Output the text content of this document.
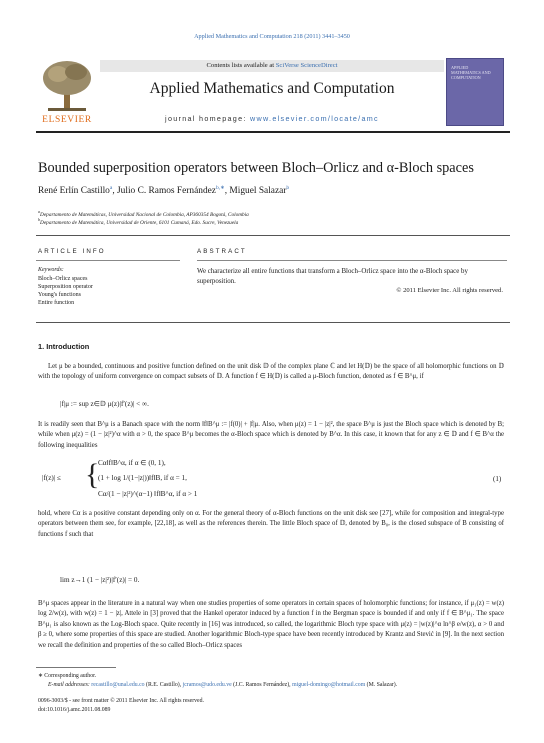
Applied Mathematics and Computation 218 (2011) 3441–3450
ELSEVIER
Contents lists available at SciVerse ScienceDirect
Applied Mathematics and Computation
journal homepage: www.elsevier.com/locate/amc
APPLIED MATHEMATICS AND COMPUTATION
Bounded superposition operators between Bloch–Orlicz and α-Bloch spaces
René Erlín Castillo$^a$, Julio C. Ramos Fernández$^{b,∗}$, Miguel Salazar$^b$
$^a$Departamento de Matemáticas, Universidad Nacional de Colombia, AP360354 Bogotá, Colombia
$^b$Departamento de Matemática, Universidad de Oriente, 6101 Cumaná, Edo. Sucre, Venezuela
ARTICLE INFO
Keywords:
Bloch–Orlicz spaces
Superposition operator
Young's functions
Entire function
ABSTRACT
We characterize all entire functions that transform a Bloch–Orlicz space into the α-Bloch space by superposition.
© 2011 Elsevier Inc. All rights reserved.
1. Introduction
Let μ be a bounded, continuous and positive function defined on the unit disk 𝔻 of the complex plane ℂ and let H(𝔻) be the space of all holomorphic functions on 𝔻 with the topology of uniform convergence on compact subsets of 𝔻. A function f ∈ H(𝔻) is called a μ-Bloch function, denoted as f ∈ B^μ, if
|f|μ := sup z∈𝔻 μ(z)|f′(z)| < ∞.
It is readily seen that B^μ is a Banach space with the norm ‖f‖B^μ := |f(0)| + |f|μ. Also, when μ(z) = 1 − |z|², the space B^μ is just the Bloch space which is denoted by B; while when μ(z) = (1 − |z|²)^α with α > 0, the space B^μ becomes the α-Bloch space which is denoted by B^α. In this case, it known that for any z ∈ 𝔻 and f ∈ B^α the following inequalities
|f(z)| ≤ {
Cα‖f‖B^α, if α ∈ (0, 1),
(1 + log 1/(1−|z|))‖f‖B, if α = 1,
Cα/(1 − |z|²)^(α−1) ‖f‖B^α, if α > 1
(1)
hold, where Cα is a positive constant depending only on α. For the general theory of α-Bloch functions on the unit disk see [27], while for composition and integral-type operators between them see, for example, [22,18], as well as the references therein. The little Bloch space of 𝔻, denoted by B₀, is the closed subspace of B consisting of functions f such that
lim z→1 (1 − |z|²)|f′(z)| = 0.
B^μ spaces appear in the literature in a natural way when one studies properties of some operators in certain spaces of holomorphic functions; for instance, if μ₁(z) = w(z) log 2/w(z), with w(z) = 1 − |z|, Attele in [3] proved that the Hankel operator induced by a function f in the Bergman space is bounded if and only if f ∈ B^μ₁. The space B^μ₁ is also known as the Log-Bloch space. Quite recently in [16] was introduced, so called, the logarithmic Bloch type space with μ(z) = |w(z)|^α ln^β e/w(z), α > 0 and β ≥ 0, where some properties of this space are studied. Another logarithmic Bloch-type space have been recently introduced by Krantz and Stević in [9]. In the next section we recall the definition and properties of the so called Bloch–Orlicz spaces
∗ Corresponding author.
E-mail addresses: recastillo@unal.edu.co (R.E. Castillo), jcramos@udo.edu.ve (J.C. Ramos Fernández), miguel-domingo@hotmail.com (M. Salazar).
0096-3003/$ - see front matter © 2011 Elsevier Inc. All rights reserved.
doi:10.1016/j.amc.2011.08.089
